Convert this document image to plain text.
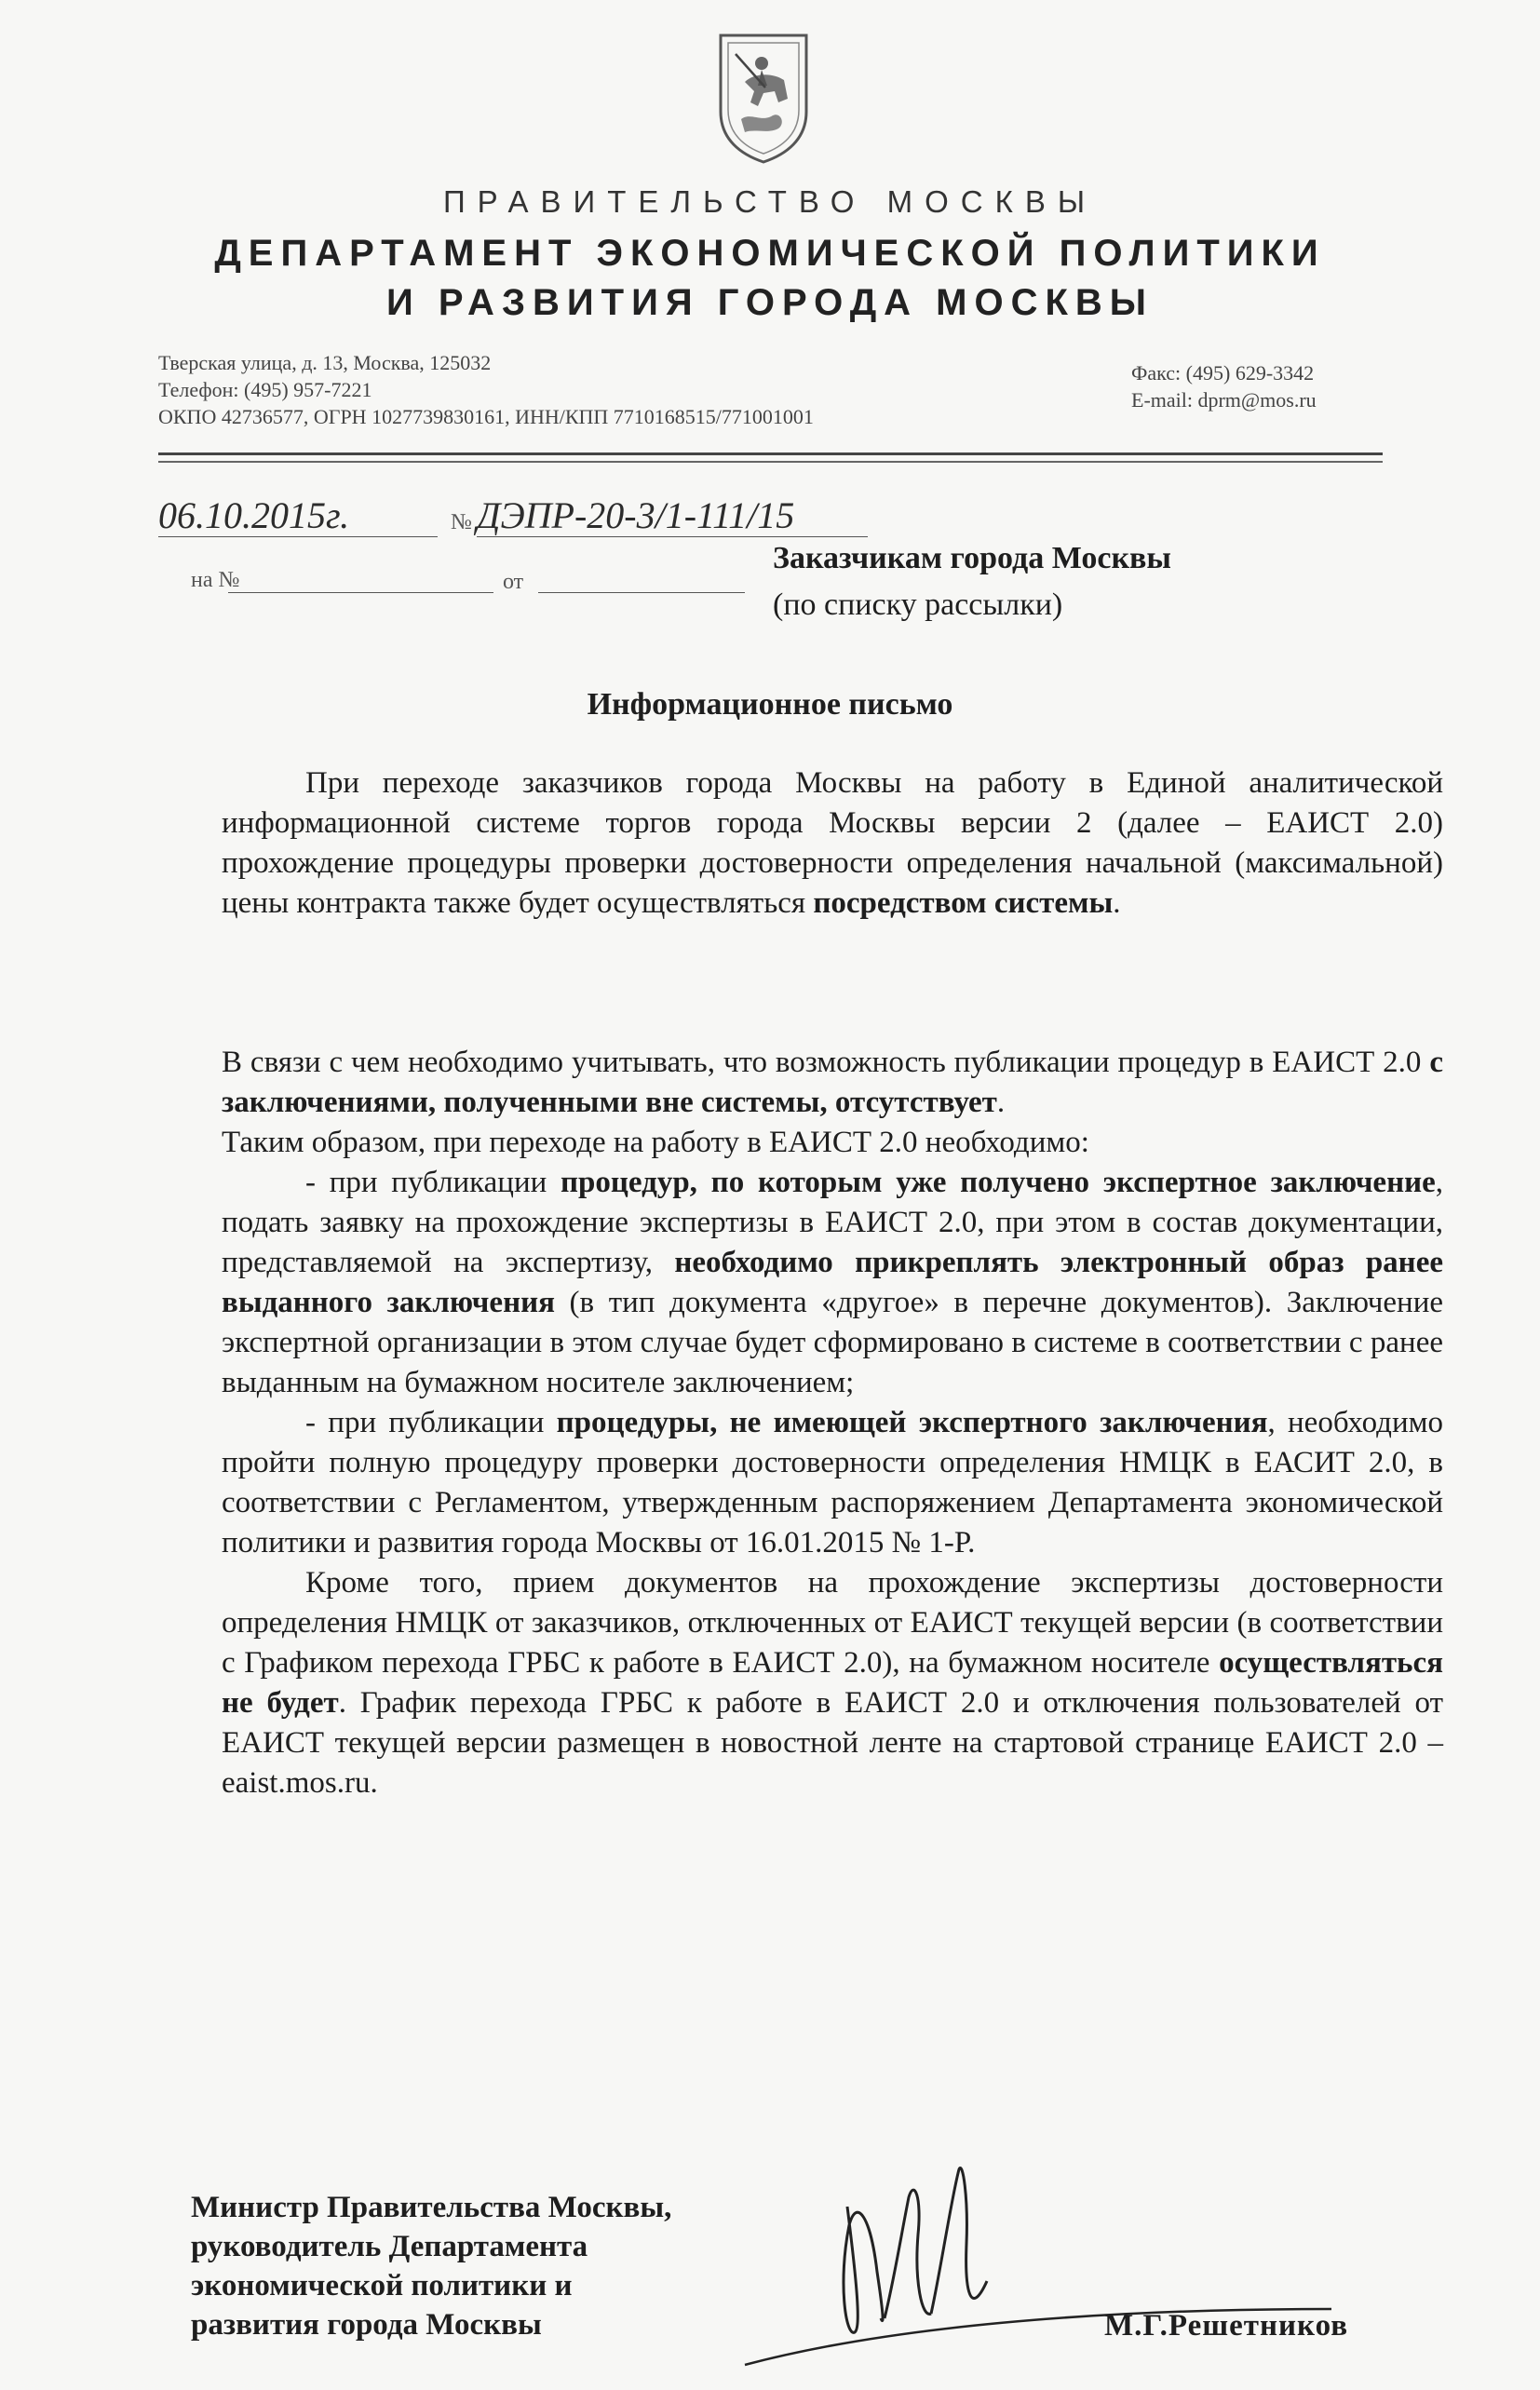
ПРАВИТЕЛЬСТВО МОСКВЫ
ДЕПАРТАМЕНТ ЭКОНОМИЧЕСКОЙ ПОЛИТИКИ
И РАЗВИТИЯ ГОРОДА МОСКВЫ
Тверская улица, д. 13, Москва, 125032
Телефон: (495) 957-7221
ОКПО 42736577, ОГРН 1027739830161, ИНН/КПП 7710168515/771001001
Факс: (495) 629-3342
E-mail: dprm@mos.ru
06.10.2015г.	№ ДЭПР-20-3/1-111/15
на №	от
Заказчикам города Москвы
(по списку рассылки)
Информационное письмо

При переходе заказчиков города Москвы на работу в Единой аналитической информационной системе торгов города Москвы версии 2 (далее – ЕАИСТ 2.0) прохождение процедуры проверки достоверности определения начальной (максимальной) цены контракта также будет осуществляться посредством системы.

В связи с чем необходимо учитывать, что возможность публикации процедур в ЕАИСТ 2.0 с заключениями, полученными вне системы, отсутствует.

Таким образом, при переходе на работу в ЕАИСТ 2.0 необходимо:

- при публикации процедур, по которым уже получено экспертное заключение, подать заявку на прохождение экспертизы в ЕАИСТ 2.0, при этом в состав документации, представляемой на экспертизу, необходимо прикреплять электронный образ ранее выданного заключения (в тип документа «другое» в перечне документов). Заключение экспертной организации в этом случае будет сформировано в системе в соответствии с ранее выданным на бумажном носителе заключением;

- при публикации процедуры, не имеющей экспертного заключения, необходимо пройти полную процедуру проверки достоверности определения НМЦК в ЕАСИТ 2.0, в соответствии с Регламентом, утвержденным распоряжением Департамента экономической политики и развития города Москвы от 16.01.2015 № 1-Р.

Кроме того, прием документов на прохождение экспертизы достоверности определения НМЦК от заказчиков, отключенных от ЕАИСТ текущей версии (в соответствии с Графиком перехода ГРБС к работе в ЕАИСТ 2.0), на бумажном носителе осуществляться не будет. График перехода ГРБС к работе в ЕАИСТ 2.0 и отключения пользователей от ЕАИСТ текущей версии размещен в новостной ленте на стартовой странице ЕАИСТ 2.0 – eaist.mos.ru.

Министр Правительства Москвы,
руководитель Департамента
экономической политики и
развития города Москвы	М.Г.Решетников
